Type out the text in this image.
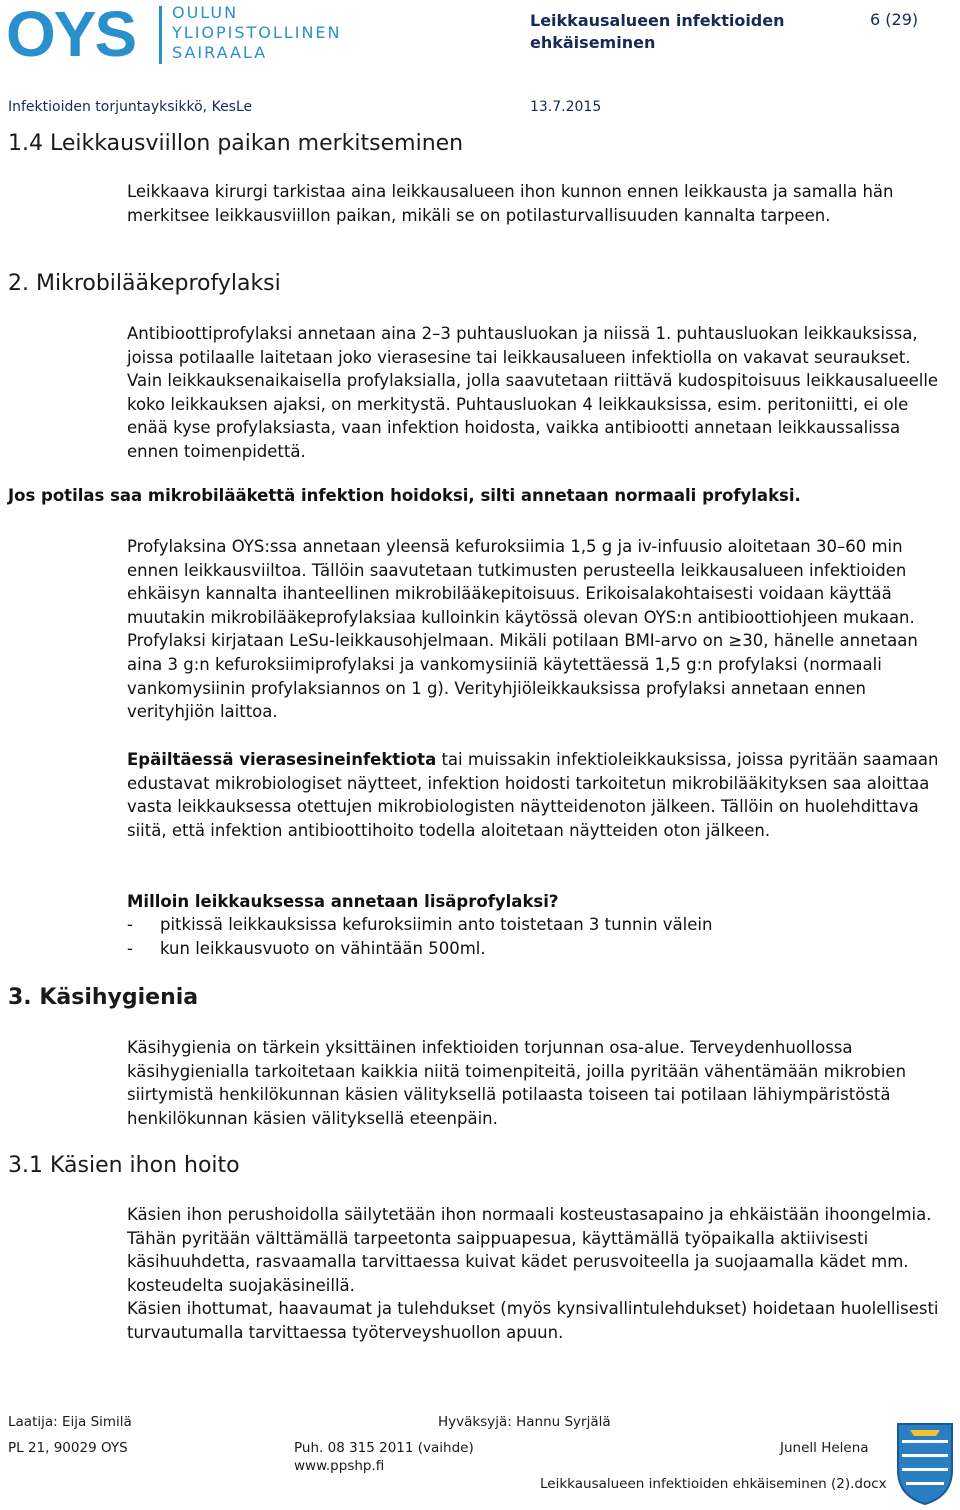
OYS OULUN
YLIOPISTOLLINEN
SAIRAALA
Leikkausalueen infektioiden ehkäiseminen
6 (29)
Infektioiden torjuntayksikkö, KesLe	13.7.2015
1.4 Leikkausviillon paikan merkitseminen

Leikkaava kirurgi tarkistaa aina leikkausalueen ihon kunnon ennen leikkausta ja samalla hän merkitsee leikkausviillon paikan, mikäli se on potilasturvallisuuden kannalta tarpeen.

2. Mikrobilääkeprofylaksi

Antibioottiprofylaksi annetaan aina 2–3 puhtausluokan ja niissä 1. puhtausluokan leikkauksissa, joissa potilaalle laitetaan joko vierasesine tai leikkausalueen infektiolla on vakavat seuraukset. Vain leikkauksenaikaisella profylaksialla, jolla saavutetaan riittävä kudospitoisuus leikkausalueelle koko leikkauksen ajaksi, on merkitystä. Puhtausluokan 4 leikkauksissa, esim. peritoniitti, ei ole enää kyse profylaksiasta, vaan infektion hoidosta, vaikka antibiootti annetaan leikkaussalissa ennen toimenpidettä.

Jos potilas saa mikrobilääkettä infektion hoidoksi, silti annetaan normaali profylaksi.

Profylaksina OYS:ssa annetaan yleensä kefuroksiimia 1,5 g ja iv-infuusio aloitetaan 30–60 min ennen leikkausviiltoa. Tällöin saavutetaan tutkimusten perusteella leikkausalueen infektioiden ehkäisyn kannalta ihanteellinen mikrobilääkepitoisuus. Erikoisalakohtaisesti voidaan käyttää muutakin mikrobilääkeprofylaksiaa kulloinkin käytössä olevan OYS:n antibioottiohjeen mukaan. Profylaksi kirjataan LeSu-leikkausohjelmaan. Mikäli potilaan BMI-arvo on ≥30, hänelle annetaan aina 3 g:n kefuroksiimiprofylaksi ja vankomysiiniä käytettäessä 1,5 g:n profylaksi (normaali vankomysiinin profylaksiannos on 1 g). Verityhjiöleikkauksissa profylaksi annetaan ennen verityhjiön laittoa.

Epäiltäessä vierasesineinfektiota tai muissakin infektioleikkauksissa, joissa pyritään saamaan edustavat mikrobiologiset näytteet, infektion hoidosti tarkoitetun mikrobilääkityksen saa aloittaa vasta leikkauksessa otettujen mikrobiologisten näytteidenoton jälkeen. Tällöin on huolehdittava siitä, että infektion antibioottihoito todella aloitetaan näytteiden oton jälkeen.

Milloin leikkauksessa annetaan lisäprofylaksi?
- pitkissä leikkauksissa kefuroksiimin anto toistetaan 3 tunnin välein
- kun leikkausvuoto on vähintään 500ml.
3. Käsihygienia

Käsihygienia on tärkein yksittäinen infektioiden torjunnan osa-alue. Terveydenhuollossa käsihygienialla tarkoitetaan kaikkia niitä toimenpiteitä, joilla pyritään vähentämään mikrobien siirtymistä henkilökunnan käsien välityksellä potilaasta toiseen tai potilaan lähiympäristöstä henkilökunnan käsien välityksellä eteenpäin.

3.1 Käsien ihon hoito

Käsien ihon perushoidolla säilytetään ihon normaali kosteustasapaino ja ehkäistään ihoongelmia. Tähän pyritään välttämällä tarpeetonta saippuapesua, käyttämällä työpaikalla aktiivisesti käsihuuhdetta, rasvaamalla tarvittaessa kuivat kädet perusvoiteella ja suojaamalla kädet mm. kosteudelta suojakäsineillä.

Käsien ihottumat, haavaumat ja tulehdukset (myös kynsivallintulehdukset) hoidetaan huolellisesti turvautumalla tarvittaessa työterveyshuollon apuun.

Laatija: Eija Similä	Hyväksyjä: Hannu Syrjälä
PL 21, 90029 OYS	Puh. 08 315 2011 (vaihde)
www.ppshp.fi
Junell Helena
Leikkausalueen infektioiden ehkäiseminen (2).docx
